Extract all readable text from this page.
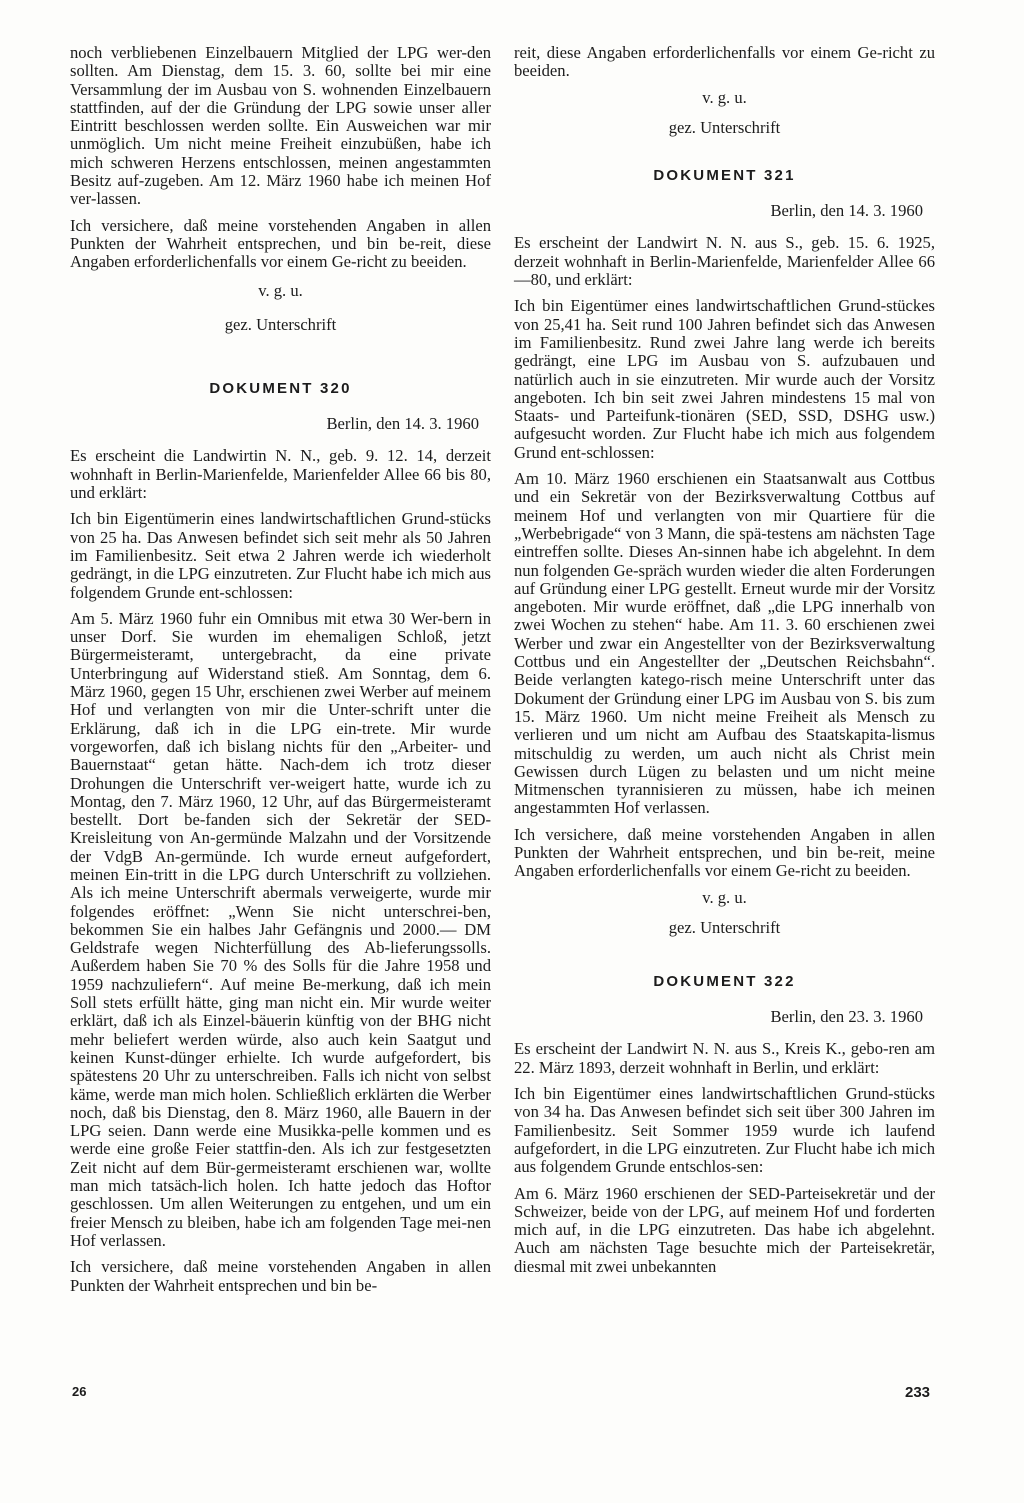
noch verbliebenen Einzelbauern Mitglied der LPG wer-den sollten. Am Dienstag, dem 15. 3. 60, sollte bei mir eine Versammlung der im Ausbau von S. wohnenden Einzelbauern stattfinden, auf der die Gründung der LPG sowie unser aller Eintritt beschlossen werden sollte. Ein Ausweichen war mir unmöglich. Um nicht meine Freiheit einzubüßen, habe ich mich schweren Herzens entschlossen, meinen angestammten Besitz auf-zugeben. Am 12. März 1960 habe ich meinen Hof ver-lassen.

Ich versichere, daß meine vorstehenden Angaben in allen Punkten der Wahrheit entsprechen, und bin be-reit, diese Angaben erforderlichenfalls vor einem Ge-richt zu beeiden.

v. g. u.
gez. Unterschrift
DOKUMENT 320
Berlin, den 14. 3. 1960

Es erscheint die Landwirtin N. N., geb. 9. 12. 14, derzeit wohnhaft in Berlin-Marienfelde, Marienfelder Allee 66 bis 80, und erklärt:

Ich bin Eigentümerin eines landwirtschaftlichen Grund-stücks von 25 ha. Das Anwesen befindet sich seit mehr als 50 Jahren im Familienbesitz. Seit etwa 2 Jahren werde ich wiederholt gedrängt, in die LPG einzutreten. Zur Flucht habe ich mich aus folgendem Grunde ent-schlossen:

Am 5. März 1960 fuhr ein Omnibus mit etwa 30 Wer-bern in unser Dorf. Sie wurden im ehemaligen Schloß, jetzt Bürgermeisteramt, untergebracht, da eine private Unterbringung auf Widerstand stieß. Am Sonntag, dem 6. März 1960, gegen 15 Uhr, erschienen zwei Werber auf meinem Hof und verlangten von mir die Unter-schrift unter die Erklärung, daß ich in die LPG ein-trete. Mir wurde vorgeworfen, daß ich bislang nichts für den „Arbeiter- und Bauernstaat“ getan hätte. Nach-dem ich trotz dieser Drohungen die Unterschrift ver-weigert hatte, wurde ich zu Montag, den 7. März 1960, 12 Uhr, auf das Bürgermeisteramt bestellt. Dort be-fanden sich der Sekretär der SED-Kreisleitung von An-germünde Malzahn und der Vorsitzende der VdgB An-germünde. Ich wurde erneut aufgefordert, meinen Ein-tritt in die LPG durch Unterschrift zu vollziehen. Als ich meine Unterschrift abermals verweigerte, wurde mir folgendes eröffnet: „Wenn Sie nicht unterschrei-ben, bekommen Sie ein halbes Jahr Gefängnis und 2000.— DM Geldstrafe wegen Nichterfüllung des Ab-lieferungssolls. Außerdem haben Sie 70 % des Solls für die Jahre 1958 und 1959 nachzuliefern“. Auf meine Be-merkung, daß ich mein Soll stets erfüllt hätte, ging man nicht ein. Mir wurde weiter erklärt, daß ich als Einzel-bäuerin künftig von der BHG nicht mehr beliefert werden würde, also auch kein Saatgut und keinen Kunst-dünger erhielte. Ich wurde aufgefordert, bis spätestens 20 Uhr zu unterschreiben. Falls ich nicht von selbst käme, werde man mich holen. Schließlich erklärten die Werber noch, daß bis Dienstag, den 8. März 1960, alle Bauern in der LPG seien. Dann werde eine Musikka-pelle kommen und es werde eine große Feier stattfin-den. Als ich zur festgesetzten Zeit nicht auf dem Bür-germeisteramt erschienen war, wollte man mich tatsäch-lich holen. Ich hatte jedoch das Hoftor geschlossen. Um allen Weiterungen zu entgehen, und um ein freier Mensch zu bleiben, habe ich am folgenden Tage mei-nen Hof verlassen.

Ich versichere, daß meine vorstehenden Angaben in allen Punkten der Wahrheit entsprechen und bin be-

reit, diese Angaben erforderlichenfalls vor einem Ge-richt zu beeiden.

v. g. u.
gez. Unterschrift
DOKUMENT 321
Berlin, den 14. 3. 1960

Es erscheint der Landwirt N. N. aus S., geb. 15. 6. 1925, derzeit wohnhaft in Berlin-Marienfelde, Marienfelder Allee 66—80, und erklärt:

Ich bin Eigentümer eines landwirtschaftlichen Grund-stückes von 25,41 ha. Seit rund 100 Jahren befindet sich das Anwesen im Familienbesitz. Rund zwei Jahre lang werde ich bereits gedrängt, eine LPG im Ausbau von S. aufzubauen und natürlich auch in sie einzutreten. Mir wurde auch der Vorsitz angeboten. Ich bin seit zwei Jahren mindestens 15 mal von Staats- und Parteifunk-tionären (SED, SSD, DSHG usw.) aufgesucht worden. Zur Flucht habe ich mich aus folgendem Grund ent-schlossen:

Am 10. März 1960 erschienen ein Staatsanwalt aus Cottbus und ein Sekretär von der Bezirksverwaltung Cottbus auf meinem Hof und verlangten von mir Quartiere für die „Werbebrigade“ von 3 Mann, die spä-testens am nächsten Tage eintreffen sollte. Dieses An-sinnen habe ich abgelehnt. In dem nun folgenden Ge-spräch wurden wieder die alten Forderungen auf Gründung einer LPG gestellt. Erneut wurde mir der Vorsitz angeboten. Mir wurde eröffnet, daß „die LPG innerhalb von zwei Wochen zu stehen“ habe. Am 11. 3. 60 erschienen zwei Werber und zwar ein Angestellter von der Bezirksverwaltung Cottbus und ein Angestellter der „Deutschen Reichsbahn“. Beide verlangten katego-risch meine Unterschrift unter das Dokument der Gründung einer LPG im Ausbau von S. bis zum 15. März 1960. Um nicht meine Freiheit als Mensch zu verlieren und um nicht am Aufbau des Staatskapita-lismus mitschuldig zu werden, um auch nicht als Christ mein Gewissen durch Lügen zu belasten und um nicht meine Mitmenschen tyrannisieren zu müssen, habe ich meinen angestammten Hof verlassen.

Ich versichere, daß meine vorstehenden Angaben in allen Punkten der Wahrheit entsprechen, und bin be-reit, meine Angaben erforderlichenfalls vor einem Ge-richt zu beeiden.

v. g. u.
gez. Unterschrift
DOKUMENT 322
Berlin, den 23. 3. 1960

Es erscheint der Landwirt N. N. aus S., Kreis K., gebo-ren am 22. März 1893, derzeit wohnhaft in Berlin, und erklärt:

Ich bin Eigentümer eines landwirtschaftlichen Grund-stücks von 34 ha. Das Anwesen befindet sich seit über 300 Jahren im Familienbesitz. Seit Sommer 1959 wurde ich laufend aufgefordert, in die LPG einzutreten. Zur Flucht habe ich mich aus folgendem Grunde entschlos-sen:

Am 6. März 1960 erschienen der SED-Parteisekretär und der Schweizer, beide von der LPG, auf meinem Hof und forderten mich auf, in die LPG einzutreten. Das habe ich abgelehnt. Auch am nächsten Tage besuchte mich der Parteisekretär, diesmal mit zwei unbekannten

26	233
